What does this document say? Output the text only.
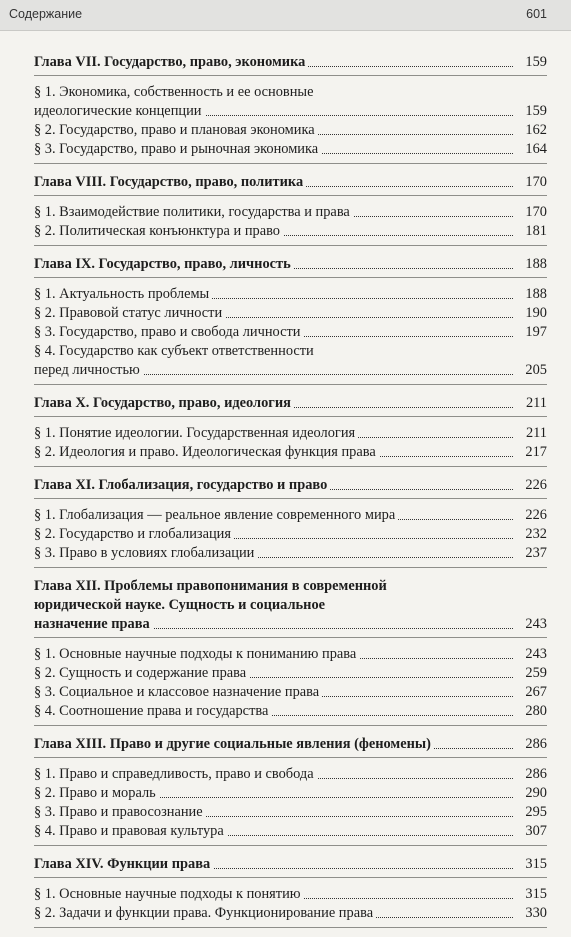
Содержание	601
Глава VII. Государство, право, экономика	159
§ 1. Экономика, собственность и ее основные
идеологические концепции	159
§ 2. Государство, право и плановая экономика	162
§ 3. Государство, право и рыночная экономика	164
Глава VIII. Государство, право, политика	170
§ 1. Взаимодействие политики, государства и права	170
§ 2. Политическая конъюнктура и право	181
Глава IX. Государство, право, личность	188
§ 1. Актуальность проблемы	188
§ 2. Правовой статус личности	190
§ 3. Государство, право и свобода личности	197
§ 4. Государство как субъект ответственности
перед личностью	205
Глава X. Государство, право, идеология	211
§ 1. Понятие идеологии. Государственная идеология	211
§ 2. Идеология и право. Идеологическая функция права	217
Глава XI. Глобализация, государство и право	226
§ 1. Глобализация — реальное явление современного мира	226
§ 2. Государство и глобализация	232
§ 3. Право в условиях глобализации	237
Глава XII. Проблемы правопонимания в современной
юридической науке. Сущность и социальное
назначение права	243
§ 1. Основные научные подходы к пониманию права	243
§ 2. Сущность и содержание права	259
§ 3. Социальное и классовое назначение права	267
§ 4. Соотношение права и государства	280
Глава XIII. Право и другие социальные явления (феномены)	286
§ 1. Право и справедливость, право и свобода	286
§ 2. Право и мораль	290
§ 3. Право и правосознание	295
§ 4. Право и правовая культура	307
Глава XIV. Функции права	315
§ 1. Основные научные подходы к понятию	315
§ 2. Задачи и функции права. Функционирование права	330
